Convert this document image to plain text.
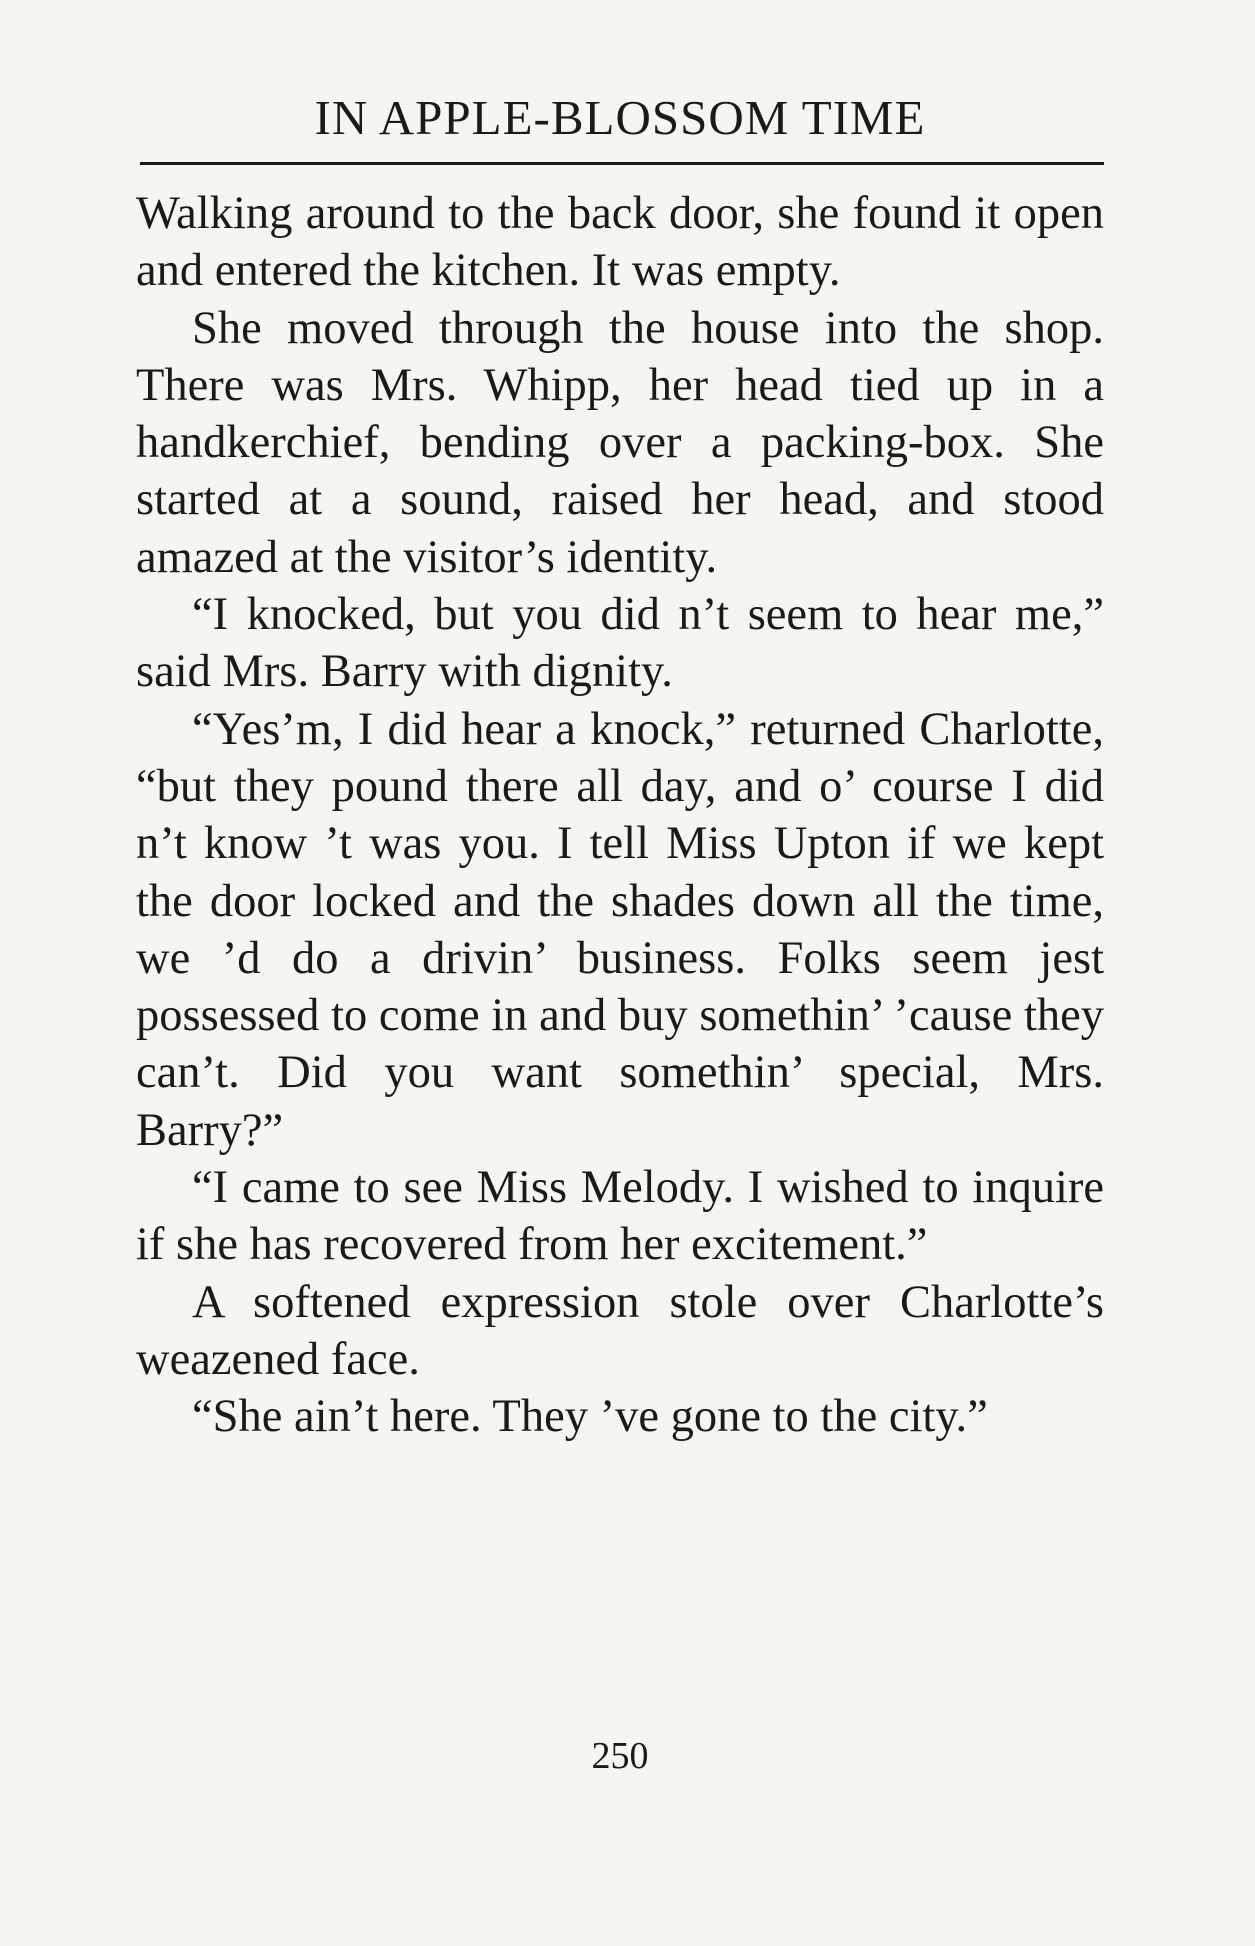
IN APPLE-BLOSSOM TIME

Walking around to the back door, she found it open and entered the kitchen. It was empty.

She moved through the house into the shop. There was Mrs. Whipp, her head tied up in a handkerchief, bending over a packing-box. She started at a sound, raised her head, and stood amazed at the visitor’s identity.

“I knocked, but you did n’t seem to hear me,” said Mrs. Barry with dignity.

“Yes’m, I did hear a knock,” returned Charlotte, “but they pound there all day, and o’ course I did n’t know ’t was you. I tell Miss Upton if we kept the door locked and the shades down all the time, we ’d do a drivin’ business. Folks seem jest possessed to come in and buy somethin’ ’cause they can’t. Did you want somethin’ special, Mrs. Barry?”

“I came to see Miss Melody. I wished to inquire if she has recovered from her excitement.”

A softened expression stole over Charlotte’s weazened face.

“She ain’t here. They ’ve gone to the city.”

250
